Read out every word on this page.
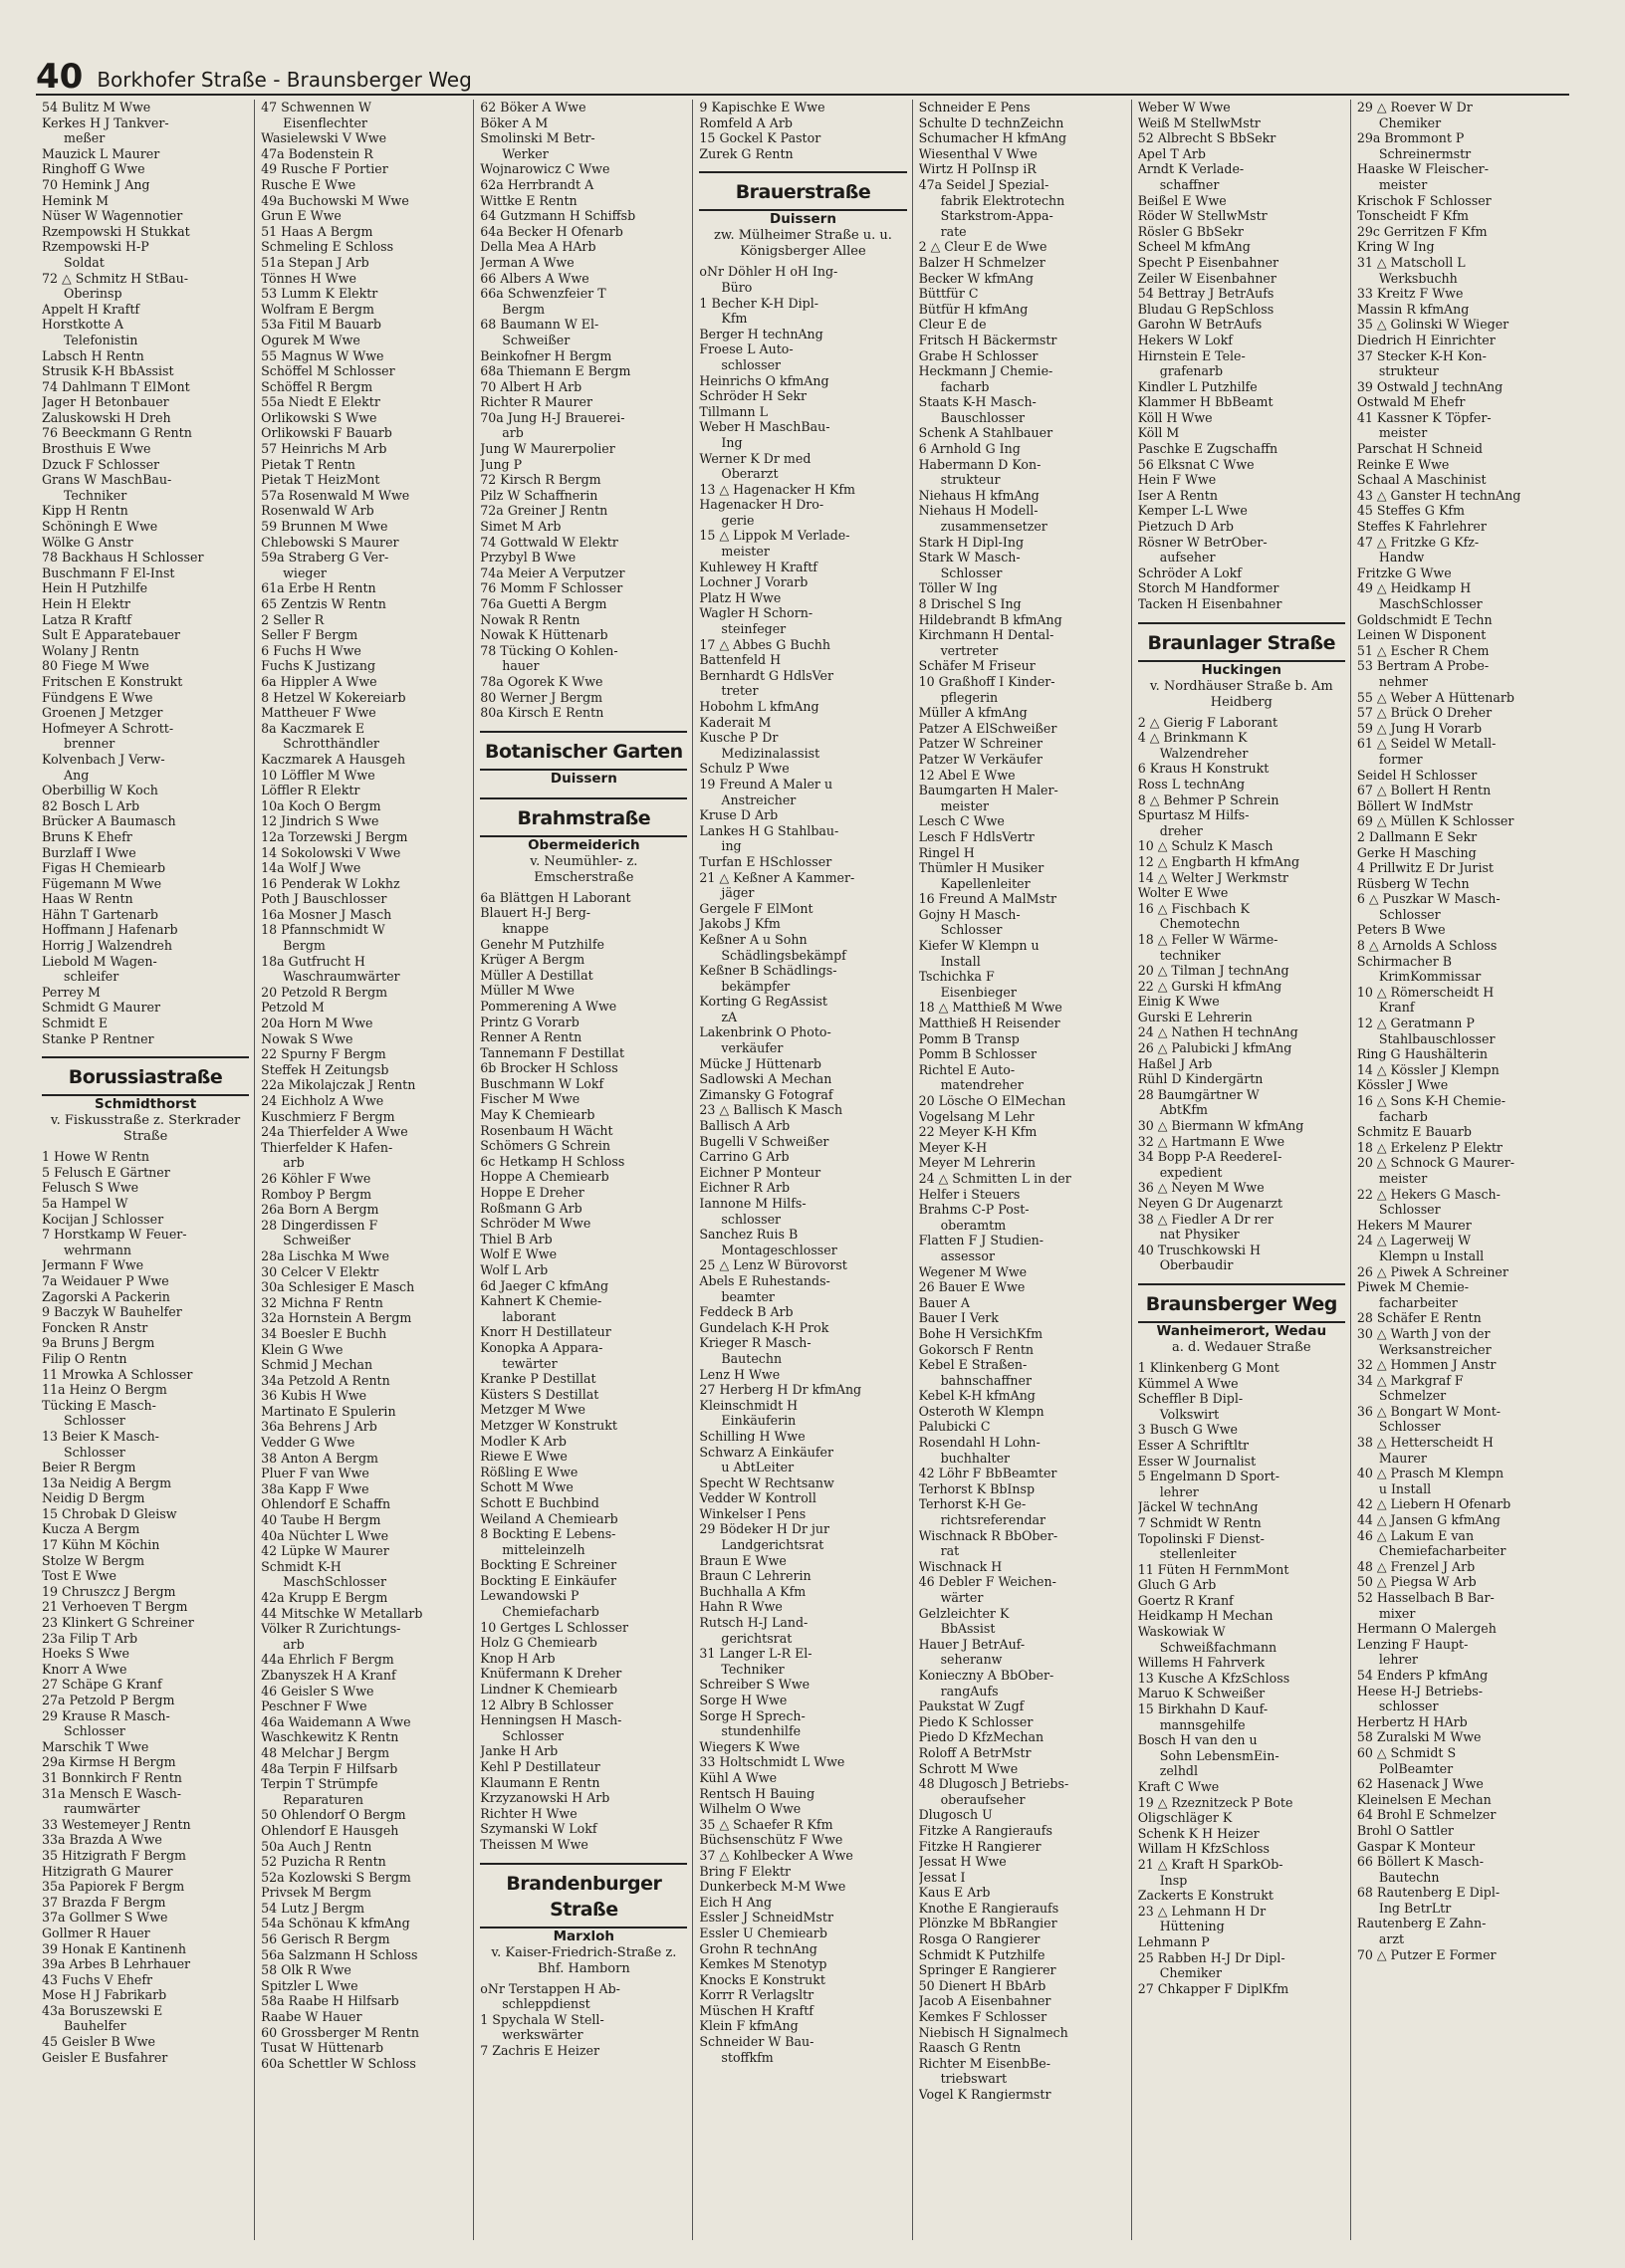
40 Borkhofer Straße - Braunsberger Weg
54 Bulitz M Wwe
Kerkes H J Tankver-
meßer
Mauzick L Maurer
Ringhoff G Wwe
70 Hemink J Ang
Hemink M
Nüser W Wagennotier
Rzempowski H Stukkat
Rzempowski H-P
Soldat
72 △ Schmitz H StBau-
Oberinsp
Appelt H Kraftf
Horstkotte A
Telefonistin
Labsch H Rentn
Strusik K-H BbAssist
74 Dahlmann T ElMont
Jager H Betonbauer
Zaluskowski H Dreh
76 Beeckmann G Rentn
Brosthuis E Wwe
Dzuck F Schlosser
Grans W MaschBau-
Techniker
Kipp H Rentn
Schöningh E Wwe
Wölke G Anstr
78 Backhaus H Schlosser
Buschmann F El-Inst
Hein H Putzhilfe
Hein H Elektr
Latza R Kraftf
Sult E Apparatebauer
Wolany J Rentn
80 Fiege M Wwe
Fritschen E Konstrukt
Fündgens E Wwe
Groenen J Metzger
Hofmeyer A Schrott-
brenner
Kolvenbach J Verw-
Ang
Oberbillig W Koch
82 Bosch L Arb
Brücker A Baumasch
Bruns K Ehefr
Burzlaff I Wwe
Figas H Chemiearb
Fügemann M Wwe
Haas W Rentn
Hähn T Gartenarb
Hoffmann J Hafenarb
Horrig J Walzendreh
Liebold M Wagen-
schleifer
Perrey M
Schmidt G Maurer
Schmidt E
Stanke P Rentner
Borussiastraße
Schmidthorst
v. Fiskusstraße z. Sterkrader Straße
1 Howe W Rentn
5 Felusch E Gärtner
Felusch S Wwe
5a Hampel W
Kocijan J Schlosser
7 Horstkamp W Feuer-
wehrmann
Jermann F Wwe
7a Weidauer P Wwe
Zagorski A Packerin
9 Baczyk W Bauhelfer
Foncken R Anstr
9a Bruns J Bergm
Filip O Rentn
11 Mrowka A Schlosser
11a Heinz O Bergm
Tücking E Masch-
Schlosser
13 Beier K Masch-
Schlosser
Beier R Bergm
13a Neidig A Bergm
Neidig D Bergm
15 Chrobak D Gleisw
Kucza A Bergm
17 Kühn M Köchin
Stolze W Bergm
Tost E Wwe
19 Chruszcz J Bergm
21 Verhoeven T Bergm
23 Klinkert G Schreiner
23a Filip T Arb
Hoeks S Wwe
Knorr A Wwe
27 Schäpe G Kranf
27a Petzold P Bergm
29 Krause R Masch-
Schlosser
Marschik T Wwe
29a Kirmse H Bergm
31 Bonnkirch F Rentn
31a Mensch E Wasch-
raumwärter
33 Westemeyer J Rentn
33a Brazda A Wwe
35 Hitzigrath F Bergm
Hitzigrath G Maurer
35a Papiorek F Bergm
37 Brazda F Bergm
37a Gollmer S Wwe
Gollmer R Hauer
39 Honak E Kantinenh
39a Arbes B Lehrhauer
43 Fuchs V Ehefr
Mose H J Fabrikarb
43a Boruszewski E
Bauhelfer
45 Geisler B Wwe
Geisler E Busfahrer
47 Schwennen W
Eisenflechter
Wasielewski V Wwe
47a Bodenstein R
49 Rusche F Portier
Rusche E Wwe
49a Buchowski M Wwe
Grun E Wwe
51 Haas A Bergm
Schmeling E Schloss
51a Stepan J Arb
Tönnes H Wwe
53 Lumm K Elektr
Wolfram E Bergm
53a Fitil M Bauarb
Ogurek M Wwe
55 Magnus W Wwe
Schöffel M Schlosser
Schöffel R Bergm
55a Niedt E Elektr
Orlikowski S Wwe
Orlikowski F Bauarb
57 Heinrichs M Arb
Pietak T Rentn
Pietak T HeizMont
57a Rosenwald M Wwe
Rosenwald W Arb
59 Brunnen M Wwe
Chlebowski S Maurer
59a Straberg G Ver-
wieger
61a Erbe H Rentn
65 Zentzis W Rentn
2 Seller R
Seller F Bergm
6 Fuchs H Wwe
Fuchs K Justizang
6a Hippler A Wwe
8 Hetzel W Kokereiarb
Mattheuer F Wwe
8a Kaczmarek E
Schrotthändler
Kaczmarek A Hausgeh
10 Löffler M Wwe
Löffler R Elektr
10a Koch O Bergm
12 Jindrich S Wwe
12a Torzewski J Bergm
14 Sokolowski V Wwe
14a Wolf J Wwe
16 Penderak W Lokhz
Poth J Bauschlosser
16a Mosner J Masch
18 Pfannschmidt W
Bergm
18a Gutfrucht H
Waschraumwärter
20 Petzold R Bergm
Petzold M
20a Horn M Wwe
Nowak S Wwe
22 Spurny F Bergm
Steffek H Zeitungsb
22a Mikolajczak J Rentn
24 Eichholz A Wwe
Kuschmierz F Bergm
24a Thierfelder A Wwe
Thierfelder K Hafen-
arb
26 Köhler F Wwe
Romboy P Bergm
26a Born A Bergm
28 Dingerdissen F
Schweißer
28a Lischka M Wwe
30 Celcer V Elektr
30a Schlesiger E Masch
32 Michna F Rentn
32a Hornstein A Bergm
34 Boesler E Buchh
Klein G Wwe
Schmid J Mechan
34a Petzold A Rentn
36 Kubis H Wwe
Martinato E Spulerin
36a Behrens J Arb
Vedder G Wwe
38 Anton A Bergm
Pluer F van Wwe
38a Kapp F Wwe
Ohlendorf E Schaffn
40 Taube H Bergm
40a Nüchter L Wwe
42 Lüpke W Maurer
Schmidt K-H
MaschSchlosser
42a Krupp E Bergm
44 Mitschke W Metallarb
Völker R Zurichtungs-
arb
44a Ehrlich F Bergm
Zbanyszek H A Kranf
46 Geisler S Wwe
Peschner F Wwe
46a Waidemann A Wwe
Waschkewitz K Rentn
48 Melchar J Bergm
48a Terpin F Hilfsarb
Terpin T Strümpfe
Reparaturen
50 Ohlendorf O Bergm
Ohlendorf E Hausgeh
50a Auch J Rentn
52 Puzicha R Rentn
52a Kozlowski S Bergm
Privsek M Bergm
54 Lutz J Bergm
54a Schönau K kfmAng
56 Gerisch R Bergm
56a Salzmann H Schloss
58 Olk R Wwe
Spitzler L Wwe
58a Raabe H Hilfsarb
Raabe W Hauer
60 Grossberger M Rentn
Tusat W Hüttenarb
60a Schettler W Schloss
62 Böker A Wwe
Böker A M
Smolinski M Betr-
Werker
Wojnarowicz C Wwe
62a Herrbrandt A
Wittke E Rentn
64 Gutzmann H Schiffsb
64a Becker H Ofenarb
Della Mea A HArb
Jerman A Wwe
66 Albers A Wwe
66a Schwenzfeier T
Bergm
68 Baumann W El-
Schweißer
Beinkofner H Bergm
68a Thiemann E Bergm
70 Albert H Arb
Richter R Maurer
70a Jung H-J Brauerei-
arb
Jung W Maurerpolier
Jung P
72 Kirsch R Bergm
Pilz W Schaffnerin
72a Greiner J Rentn
Simet M Arb
74 Gottwald W Elektr
Przybyl B Wwe
74a Meier A Verputzer
76 Momm F Schlosser
76a Guetti A Bergm
Nowak R Rentn
Nowak K Hüttenarb
78 Tücking O Kohlen-
hauer
78a Ogorek K Wwe
80 Werner J Bergm
80a Kirsch E Rentn
Botanischer Garten
Duissern
Brahmstraße
Obermeiderich
v. Neumühler- z. Emscherstraße
6a Blättgen H Laborant
Blauert H-J Berg-
knappe
Genehr M Putzhilfe
Krüger A Bergm
Müller A Destillat
Müller M Wwe
Pommerening A Wwe
Printz G Vorarb
Renner A Rentn
Tannemann F Destillat
6b Brocker H Schloss
Buschmann W Lokf
Fischer M Wwe
May K Chemiearb
Rosenbaum H Wächt
Schömers G Schrein
6c Hetkamp H Schloss
Hoppe A Chemiearb
Hoppe E Dreher
Roßmann G Arb
Schröder M Wwe
Thiel B Arb
Wolf E Wwe
Wolf L Arb
6d Jaeger C kfmAng
Kahnert K Chemie-
laborant
Knorr H Destillateur
Konopka A Appara-
tewärter
Kranke P Destillat
Küsters S Destillat
Metzger M Wwe
Metzger W Konstrukt
Modler K Arb
Riewe E Wwe
Rößling E Wwe
Schott M Wwe
Schott E Buchbind
Weiland A Chemiearb
8 Bockting E Lebens-
mitteleinzelh
Bockting E Schreiner
Bockting E Einkäufer
Lewandowski P
Chemiefacharb
10 Gertges L Schlosser
Holz G Chemiearb
Knop H Arb
Knüfermann K Dreher
Lindner K Chemiearb
12 Albry B Schlosser
Henningsen H Masch-
Schlosser
Janke H Arb
Kehl P Destillateur
Klaumann E Rentn
Krzyzanowski H Arb
Richter H Wwe
Szymanski W Lokf
Theissen M Wwe
Brandenburger Straße
Marxloh
v. Kaiser-Friedrich-Straße z. Bhf. Hamborn
oNr Terstappen H Ab-
schleppdienst
1 Spychala W Stell-
werkswärter
7 Zachris E Heizer
9 Kapischke E Wwe
Romfeld A Arb
15 Gockel K Pastor
Zurek G Rentn
Brauerstraße
Duissern
zw. Mülheimer Straße u. u. Königsberger Allee
oNr Döhler H oH Ing-
Büro
1 Becher K-H Dipl-
Kfm
Berger H technAng
Froese L Auto-
schlosser
Heinrichs O kfmAng
Schröder H Sekr
Tillmann L
Weber H MaschBau-
Ing
Werner K Dr med
Oberarzt
13 △ Hagenacker H Kfm
Hagenacker H Dro-
gerie
15 △ Lippok M Verlade-
meister
Kuhlewey H Kraftf
Lochner J Vorarb
Platz H Wwe
Wagler H Schorn-
steinfeger
17 △ Abbes G Buchh
Battenfeld H
Bernhardt G HdlsVer
treter
Hobohm L kfmAng
Kaderait M
Kusche P Dr
Medizinalassist
Schulz P Wwe
19 Freund A Maler u
Anstreicher
Kruse D Arb
Lankes H G Stahlbau-
ing
Turfan E HSchlosser
21 △ Keßner A Kammer-
jäger
Gergele F ElMont
Jakobs J Kfm
Keßner A u Sohn
Schädlingsbekämpf
Keßner B Schädlings-
bekämpfer
Korting G RegAssist
zA
Lakenbrink O Photo-
verkäufer
Mücke J Hüttenarb
Sadlowski A Mechan
Zimansky G Fotograf
23 △ Ballisch K Masch
Ballisch A Arb
Bugelli V Schweißer
Carrino G Arb
Eichner P Monteur
Eichner R Arb
Iannone M Hilfs-
schlosser
Sanchez Ruis B
Montageschlosser
25 △ Lenz W Bürovorst
Abels E Ruhestands-
beamter
Feddeck B Arb
Gundelach K-H Prok
Krieger R Masch-
Bautechn
Lenz H Wwe
27 Herberg H Dr kfmAng
Kleinschmidt H
Einkäuferin
Schilling H Wwe
Schwarz A Einkäufer
u AbtLeiter
Specht W Rechtsanw
Vedder W Kontroll
Winkelser I Pens
29 Bödeker H Dr jur
Landgerichtsrat
Braun E Wwe
Braun C Lehrerin
Buchhalla A Kfm
Hahn R Wwe
Rutsch H-J Land-
gerichtsrat
31 Langer L-R El-
Techniker
Schreiber S Wwe
Sorge H Wwe
Sorge H Sprech-
stundenhilfe
Wiegers K Wwe
33 Holtschmidt L Wwe
Kühl A Wwe
Rentsch H Bauing
Wilhelm O Wwe
35 △ Schaefer R Kfm
Büchsenschütz F Wwe
37 △ Kohlbecker A Wwe
Bring F Elektr
Dunkerbeck M-M Wwe
Eich H Ang
Essler J SchneidMstr
Essler U Chemiearb
Grohn R technAng
Kemkes M Stenotyp
Knocks E Konstrukt
Korrr R Verlagsltr
Müschen H Kraftf
Klein F kfmAng
Schneider W Bau-
stoffkfm
Schneider E Pens
Schulte D technZeichn
Schumacher H kfmAng
Wiesenthal V Wwe
Wirtz H PolInsp iR
47a Seidel J Spezial-
fabrik Elektrotechn
Starkstrom-Appa-
rate
2 △ Cleur E de Wwe
Balzer H Schmelzer
Becker W kfmAng
Büttfür C
Bütfür H kfmAng
Cleur E de
Fritsch H Bäckermstr
Grabe H Schlosser
Heckmann J Chemie-
facharb
Staats K-H Masch-
Bauschlosser
Schenk A Stahlbauer
6 Arnhold G Ing
Habermann D Kon-
strukteur
Niehaus H kfmAng
Niehaus H Modell-
zusammensetzer
Stark H Dipl-Ing
Stark W Masch-
Schlosser
Töller W Ing
8 Drischel S Ing
Hildebrandt B kfmAng
Kirchmann H Dental-
vertreter
Schäfer M Friseur
10 Graßhoff I Kinder-
pflegerin
Müller A kfmAng
Patzer A ElSchweißer
Patzer W Schreiner
Patzer W Verkäufer
12 Abel E Wwe
Baumgarten H Maler-
meister
Lesch C Wwe
Lesch F HdlsVertr
Ringel H
Thümler H Musiker
Kapellenleiter
16 Freund A MalMstr
Gojny H Masch-
Schlosser
Kiefer W Klempn u
Install
Tschichka F
Eisenbieger
18 △ Matthieß M Wwe
Matthieß H Reisender
Pomm B Transp
Pomm B Schlosser
Richtel E Auto-
matendreher
20 Lösche O ElMechan
Vogelsang M Lehr
22 Meyer K-H Kfm
Meyer K-H
Meyer M Lehrerin
24 △ Schmitten L in der
Helfer i Steuers
Brahms C-P Post-
oberamtm
Flatten F J Studien-
assessor
Wegener M Wwe
26 Bauer E Wwe
Bauer A
Bauer I Verk
Bohe H VersichKfm
Gokorsch F Rentn
Kebel E Straßen-
bahnschaffner
Kebel K-H kfmAng
Osteroth W Klempn
Palubicki C
Rosendahl H Lohn-
buchhalter
42 Löhr F BbBeamter
Terhorst K BbInsp
Terhorst K-H Ge-
richtsreferendar
Wischnack R BbOber-
rat
Wischnack H
46 Debler F Weichen-
wärter
Gelzleichter K
BbAssist
Hauer J BetrAuf-
seheranw
Konieczny A BbOber-
rangAufs
Paukstat W Zugf
Piedo K Schlosser
Piedo D KfzMechan
Roloff A BetrMstr
Schrott M Wwe
48 Dlugosch J Betriebs-
oberaufseher
Dlugosch U
Fitzke A Rangieraufs
Fitzke H Rangierer
Jessat H Wwe
Jessat I
Kaus E Arb
Knothe E Rangieraufs
Plönzke M BbRangier
Rosga O Rangierer
Schmidt K Putzhilfe
Springer E Rangierer
50 Dienert H BbArb
Jacob A Eisenbahner
Kemkes F Schlosser
Niebisch H Signalmech
Raasch G Rentn
Richter M EisenbBe-
triebswart
Vogel K Rangiermstr
Weber W Wwe
Weiß M StellwMstr
52 Albrecht S BbSekr
Apel T Arb
Arndt K Verlade-
schaffner
Beißel E Wwe
Röder W StellwMstr
Rösler G BbSekr
Scheel M kfmAng
Specht P Eisenbahner
Zeiler W Eisenbahner
54 Bettray J BetrAufs
Bludau G RepSchloss
Garohn W BetrAufs
Hekers W Lokf
Hirnstein E Tele-
grafenarb
Kindler L Putzhilfe
Klammer H BbBeamt
Köll H Wwe
Köll M
Paschke E Zugschaffn
56 Elksnat C Wwe
Hein F Wwe
Iser A Rentn
Kemper L-L Wwe
Pietzuch D Arb
Rösner W BetrOber-
aufseher
Schröder A Lokf
Storch M Handformer
Tacken H Eisenbahner
Braunlager Straße
Huckingen
v. Nordhäuser Straße b. Am Heidberg
2 △ Gierig F Laborant
4 △ Brinkmann K
Walzendreher
6 Kraus H Konstrukt
Ross L technAng
8 △ Behmer P Schrein
Spurtasz M Hilfs-
dreher
10 △ Schulz K Masch
12 △ Engbarth H kfmAng
14 △ Welter J Werkmstr
Wolter E Wwe
16 △ Fischbach K
Chemotechn
18 △ Feller W Wärme-
techniker
20 △ Tilman J technAng
22 △ Gurski H kfmAng
Einig K Wwe
Gurski E Lehrerin
24 △ Nathen H technAng
26 △ Palubicki J kfmAng
Haßel J Arb
Rühl D Kindergärtn
28 Baumgärtner W
AbtKfm
30 △ Biermann W kfmAng
32 △ Hartmann E Wwe
34 Bopp P-A ReedereI-
expedient
36 △ Neyen M Wwe
Neyen G Dr Augenarzt
38 △ Fiedler A Dr rer
nat Physiker
40 Truschkowski H
Oberbaudir
Braunsberger Weg
Wanheimerort, Wedau
a. d. Wedauer Straße
1 Klinkenberg G Mont
Kümmel A Wwe
Scheffler B Dipl-
Volkswirt
3 Busch G Wwe
Esser A Schriftltr
Esser W Journalist
5 Engelmann D Sport-
lehrer
Jäckel W technAng
7 Schmidt W Rentn
Topolinski F Dienst-
stellenleiter
11 Füten H FernmMont
Gluch G Arb
Goertz R Kranf
Heidkamp H Mechan
Waskowiak W
Schweißfachmann
Willems H Fahrverk
13 Kusche A KfzSchloss
Maruo K Schweißer
15 Birkhahn D Kauf-
mannsgehilfe
Bosch H van den u
Sohn LebensmEin-
zelhdl
Kraft C Wwe
19 △ Rzeznitzeck P Bote
Oligschläger K
Schenk K H Heizer
Willam H KfzSchloss
21 △ Kraft H SparkOb-
Insp
Zackerts E Konstrukt
23 △ Lehmann H Dr
Hüttening
Lehmann P
25 Rabben H-J Dr Dipl-
Chemiker
27 Chkapper F DiplKfm
29 △ Roever W Dr
Chemiker
29a Brommont P
Schreinermstr
Haaske W Fleischer-
meister
Krischok F Schlosser
Tonscheidt F Kfm
29c Gerritzen F Kfm
Kring W Ing
31 △ Matscholl L
Werksbuchh
33 Kreitz F Wwe
Massin R kfmAng
35 △ Golinski W Wieger
Diedrich H Einrichter
37 Stecker K-H Kon-
strukteur
39 Ostwald J technAng
Ostwald M Ehefr
41 Kassner K Töpfer-
meister
Parschat H Schneid
Reinke E Wwe
Schaal A Maschinist
43 △ Ganster H technAng
45 Steffes G Kfm
Steffes K Fahrlehrer
47 △ Fritzke G Kfz-
Handw
Fritzke G Wwe
49 △ Heidkamp H
MaschSchlosser
Goldschmidt E Techn
Leinen W Disponent
51 △ Escher R Chem
53 Bertram A Probe-
nehmer
55 △ Weber A Hüttenarb
57 △ Brück O Dreher
59 △ Jung H Vorarb
61 △ Seidel W Metall-
former
Seidel H Schlosser
67 △ Bollert H Rentn
Böllert W IndMstr
69 △ Müllen K Schlosser
2 Dallmann E Sekr
Gerke H Masching
4 Prillwitz E Dr Jurist
Rüsberg W Techn
6 △ Puszkar W Masch-
Schlosser
Peters B Wwe
8 △ Arnolds A Schloss
Schirmacher B
KrimKommissar
10 △ Römerscheidt H
Kranf
12 △ Geratmann P
Stahlbauschlosser
Ring G Haushälterin
14 △ Kössler J Klempn
Kössler J Wwe
16 △ Sons K-H Chemie-
facharb
Schmitz E Bauarb
18 △ Erkelenz P Elektr
20 △ Schnock G Maurer-
meister
22 △ Hekers G Masch-
Schlosser
Hekers M Maurer
24 △ Lagerweij W
Klempn u Install
26 △ Piwek A Schreiner
Piwek M Chemie-
facharbeiter
28 Schäfer E Rentn
30 △ Warth J von der
Werksanstreicher
32 △ Hommen J Anstr
34 △ Markgraf F
Schmelzer
36 △ Bongart W Mont-
Schlosser
38 △ Hetterscheidt H
Maurer
40 △ Prasch M Klempn
u Install
42 △ Liebern H Ofenarb
44 △ Jansen G kfmAng
46 △ Lakum E van
Chemiefacharbeiter
48 △ Frenzel J Arb
50 △ Piegsa W Arb
52 Hasselbach B Bar-
mixer
Hermann O Malergeh
Lenzing F Haupt-
lehrer
54 Enders P kfmAng
Heese H-J Betriebs-
schlosser
Herbertz H HArb
58 Zuralski M Wwe
60 △ Schmidt S
PolBeamter
62 Hasenack J Wwe
Kleinelsen E Mechan
64 Brohl E Schmelzer
Brohl O Sattler
Gaspar K Monteur
66 Böllert K Masch-
Bautechn
68 Rautenberg E Dipl-
Ing BetrLtr
Rautenberg E Zahn-
arzt
70 △ Putzer E Former
